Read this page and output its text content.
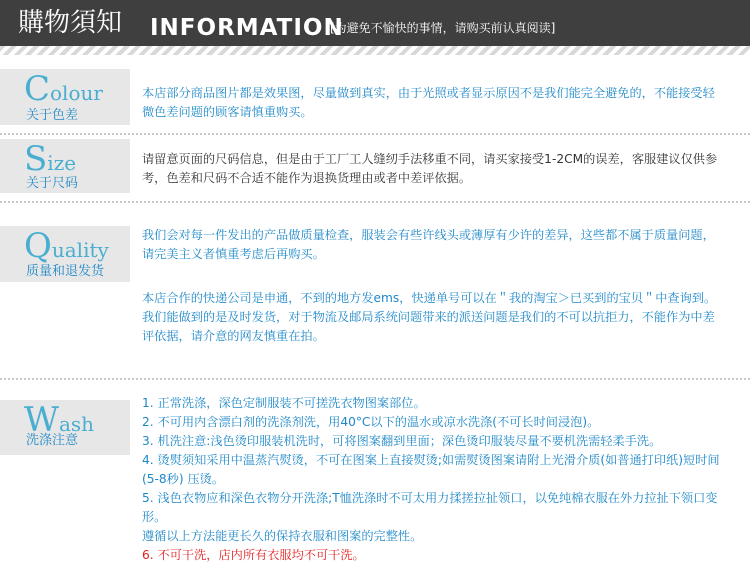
購物須知 INFORMATION
[为避免不愉快的事情，请购买前认真阅读]
Colour
关于色差
本店部分商品图片都是效果图，尽量做到真实，由于光照或者显示原因不是我们能完全避免的，不能接受轻微色差问题的顾客请慎重购买。
Size
关于尺码
请留意页面的尺码信息，但是由于工厂工人缝纫手法移重不同，请买家接受1-2CM的误差，客服建议仅供参考，色差和尺码不合适不能作为退换货理由或者中差评依据。
Quality
质量和退发货
我们会对每一件发出的产品做质量检查，服装会有些许线头或薄厚有少许的差异，这些都不属于质量问题，请完美主义者慎重考虑后再购买。
本店合作的快递公司是申通，不到的地方发ems，快递单号可以在＂我的淘宝＞已买到的宝贝＂中查询到。我们能做到的是及时发货，对于物流及邮局系统问题带来的派送问题是我们的不可以抗拒力，不能作为中差评依据，请介意的网友慎重在拍。
Wash
洗涤注意
1. 正常洗涤，深色定制服装不可搓洗衣物图案部位。
2. 不可用内含漂白剂的洗涤剂洗，用40°C以下的温水或凉水洗涤(不可长时间浸泡)。
3. 机洗注意:浅色烫印服装机洗时，可将图案翻到里面；深色烫印服装尽量不要机洗需轻柔手洗。
4. 烫熨须知采用中温蒸汽熨烫，不可在图案上直接熨烫;如需熨烫图案请附上光滑介质(如普通打印纸)短时间(5-8秒) 压烫。
5. 浅色衣物应和深色衣物分开洗涤;T恤洗涤时不可太用力揉搓拉扯领口，以免纯棉衣服在外力拉扯下领口变形。
遵循以上方法能更长久的保持衣服和图案的完整性。
6. 不可干洗，店内所有衣服均不可干洗。
